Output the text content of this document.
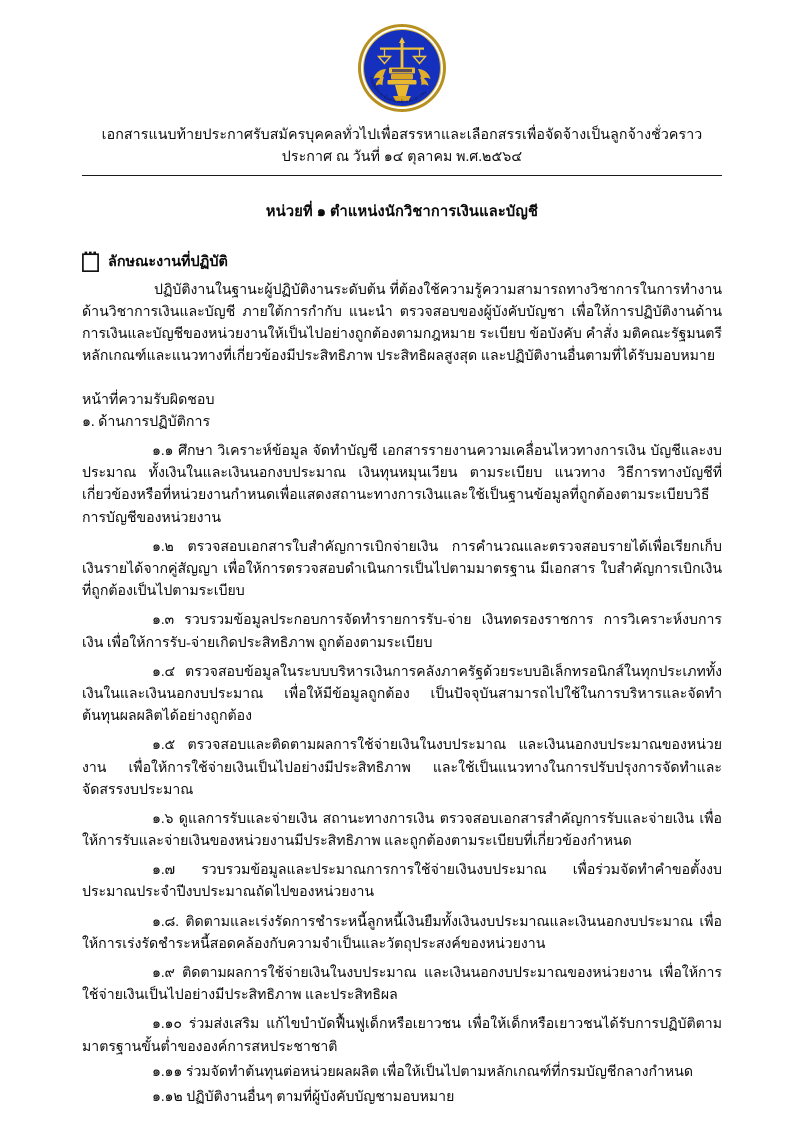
กรมพินิจและคุ้มครองเด็กและเยาวชน
เอกสารแนบท้ายประกาศรับสมัครบุคคลทั่วไปเพื่อสรรหาและเลือกสรรเพื่อจัดจ้างเป็นลูกจ้างชั่วคราว
ประกาศ ณ วันที่ ๑๔ ตุลาคม พ.ศ.๒๕๖๔
หน่วยที่ ๑ ตำแหน่งนักวิชาการเงินและบัญชี
ลักษณะงานที่ปฏิบัติ

ปฏิบัติงานในฐานะผู้ปฏิบัติงานระดับต้น ที่ต้องใช้ความรู้ความสามารถทางวิชาการในการทำงานด้านวิชาการเงินและบัญชี ภายใต้การกำกับ แนะนำ ตรวจสอบของผู้บังคับบัญชา เพื่อให้การปฏิบัติงานด้านการเงินและบัญชีของหน่วยงานให้เป็นไปอย่างถูกต้องตามกฎหมาย ระเบียบ ข้อบังคับ คำสั่ง มติคณะรัฐมนตรี หลักเกณฑ์และแนวทางที่เกี่ยวข้องมีประสิทธิภาพ ประสิทธิผลสูงสุด และปฏิบัติงานอื่นตามที่ได้รับมอบหมาย

หน้าที่ความรับผิดชอบ
๑. ด้านการปฏิบัติการ

๑.๑ ศึกษา วิเคราะห์ข้อมูล จัดทำบัญชี เอกสารรายงานความเคลื่อนไหวทางการเงิน บัญชีและงบประมาณ ทั้งเงินในและเงินนอกงบประมาณ เงินทุนหมุนเวียน ตามระเบียบ แนวทาง วิธีการทางบัญชีที่เกี่ยวข้องหรือที่หน่วยงานกำหนดเพื่อแสดงสถานะทางการเงินและใช้เป็นฐานข้อมูลที่ถูกต้องตามระเบียบวิธีการบัญชีของหน่วยงาน

๑.๒ ตรวจสอบเอกสารใบสำคัญการเบิกจ่ายเงิน การคำนวณและตรวจสอบรายได้เพื่อเรียกเก็บเงินรายได้จากคู่สัญญา เพื่อให้การตรวจสอบดำเนินการเป็นไปตามมาตรฐาน มีเอกสาร ใบสำคัญการเบิกเงินที่ถูกต้องเป็นไปตามระเบียบ

๑.๓ รวบรวมข้อมูลประกอบการจัดทำรายการรับ-จ่าย เงินทดรองราชการ การวิเคราะห์งบการเงิน เพื่อให้การรับ-จ่ายเกิดประสิทธิภาพ ถูกต้องตามระเบียบ

๑.๔ ตรวจสอบข้อมูลในระบบบริหารเงินการคลังภาครัฐด้วยระบบอิเล็กทรอนิกส์ในทุกประเภททั้งเงินในและเงินนอกงบประมาณ เพื่อให้มีข้อมูลถูกต้อง เป็นปัจจุบันสามารถไปใช้ในการบริหารและจัดทำต้นทุนผลผลิตได้อย่างถูกต้อง

๑.๕ ตรวจสอบและติดตามผลการใช้จ่ายเงินในงบประมาณ และเงินนอกงบประมาณของหน่วยงาน เพื่อให้การใช้จ่ายเงินเป็นไปอย่างมีประสิทธิภาพ และใช้เป็นแนวทางในการปรับปรุงการจัดทำและจัดสรรงบประมาณ

๑.๖ ดูแลการรับและจ่ายเงิน สถานะทางการเงิน ตรวจสอบเอกสารสำคัญการรับและจ่ายเงิน เพื่อให้การรับและจ่ายเงินของหน่วยงานมีประสิทธิภาพ และถูกต้องตามระเบียบที่เกี่ยวข้องกำหนด

๑.๗ รวบรวมข้อมูลและประมาณการการใช้จ่ายเงินงบประมาณ เพื่อร่วมจัดทำคำขอตั้งงบประมาณประจำปีงบประมาณถัดไปของหน่วยงาน

๑.๘. ติดตามและเร่งรัดการชำระหนี้ลูกหนี้เงินยืมทั้งเงินงบประมาณและเงินนอกงบประมาณ เพื่อให้การเร่งรัดชำระหนี้สอดคล้องกับความจำเป็นและวัตถุประสงค์ของหน่วยงาน

๑.๙ ติดตามผลการใช้จ่ายเงินในงบประมาณ และเงินนอกงบประมาณของหน่วยงาน เพื่อให้การใช้จ่ายเงินเป็นไปอย่างมีประสิทธิภาพ และประสิทธิผล

๑.๑๐ ร่วมส่งเสริม แก้ไขบำบัดฟื้นฟูเด็กหรือเยาวชน เพื่อให้เด็กหรือเยาวชนได้รับการปฏิบัติตามมาตรฐานขั้นต่ำขององค์การสหประชาชาติ

๑.๑๑ ร่วมจัดทำต้นทุนต่อหน่วยผลผลิต เพื่อให้เป็นไปตามหลักเกณฑ์ที่กรมบัญชีกลางกำหนด

๑.๑๒ ปฏิบัติงานอื่นๆ ตามที่ผู้บังคับบัญชามอบหมาย
